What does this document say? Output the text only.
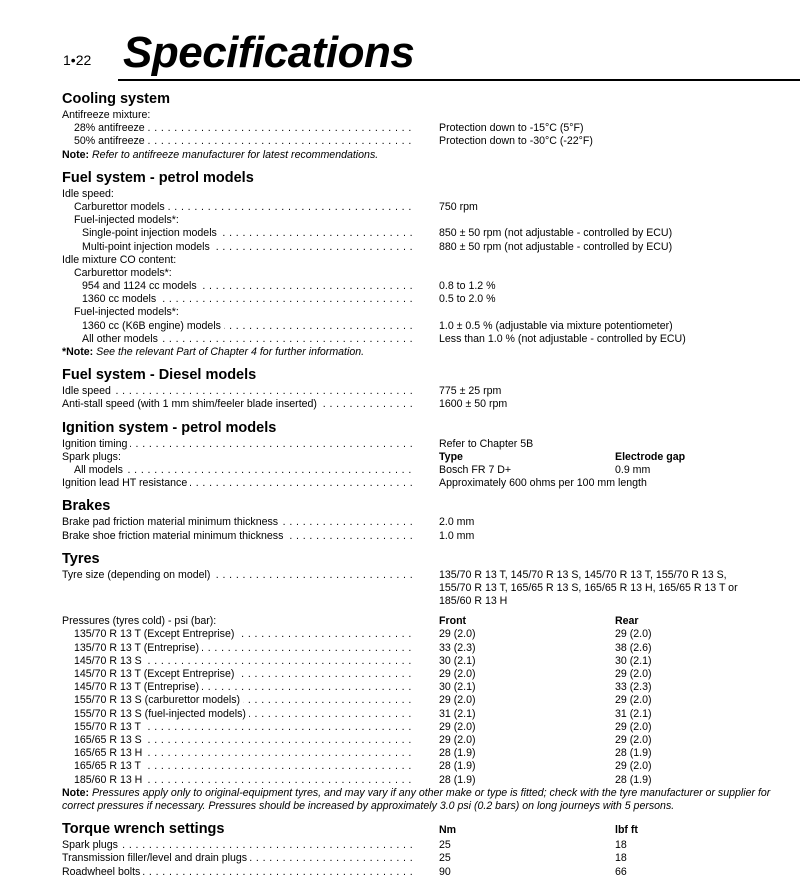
1•22 Specifications
Cooling system
Antifreeze mixture:
28% antifreeze . . .	Protection down to -15°C (5°F)
50% antifreeze . . .	Protection down to -30°C (-22°F)
Note: Refer to antifreeze manufacturer for latest recommendations.
Fuel system - petrol models
Idle speed:
Carburettor models . . .	750 rpm
Fuel-injected models*:
Single-point injection models . . .	850 ± 50 rpm (not adjustable - controlled by ECU)
Multi-point injection models . . .	880 ± 50 rpm (not adjustable - controlled by ECU)
Idle mixture CO content:
Carburettor models*:
954 and 1124 cc models . . .	0.8 to 1.2 %
1360 cc models . . .	0.5 to 2.0 %
Fuel-injected models*:
1360 cc (K6B engine) models . . .	1.0 ± 0.5 % (adjustable via mixture potentiometer)
All other models . . .	Less than 1.0 % (not adjustable - controlled by ECU)
*Note: See the relevant Part of Chapter 4 for further information.
Fuel system - Diesel models
Idle speed . . .	775 ± 25 rpm
Anti-stall speed (with 1 mm shim/feeler blade inserted) . . .	1600 ± 50 rpm
Ignition system - petrol models
Ignition timing . . .	Refer to Chapter 5B
Spark plugs:	Type	Electrode gap
All models . . .	Bosch FR 7 D+	0.9 mm
Ignition lead HT resistance . . .	Approximately 600 ohms per 100 mm length
Brakes
Brake pad friction material minimum thickness . . .	2.0 mm
Brake shoe friction material minimum thickness . . .	1.0 mm
Tyres
Tyre size (depending on model) . . .	135/70 R 13 T, 145/70 R 13 S, 145/70 R 13 T, 155/70 R 13 S,
155/70 R 13 T, 165/65 R 13 S, 165/65 R 13 H, 165/65 R 13 T or
185/60 R 13 H
Pressures (tyres cold) - psi (bar):	Front	Rear
135/70 R 13 T (Except Entreprise) . . .	29 (2.0)	29 (2.0)
135/70 R 13 T (Entreprise) . . .	33 (2.3)	38 (2.6)
145/70 R 13 S . . .	30 (2.1)	30 (2.1)
145/70 R 13 T (Except Entreprise) . . .	29 (2.0)	29 (2.0)
145/70 R 13 T (Entreprise) . . .	30 (2.1)	33 (2.3)
155/70 R 13 S (carburettor models) . . .	29 (2.0)	29 (2.0)
155/70 R 13 S (fuel-injected models) . . .	31 (2.1)	31 (2.1)
155/70 R 13 T . . .	29 (2.0)	29 (2.0)
165/65 R 13 S . . .	29 (2.0)	29 (2.0)
165/65 R 13 H . . .	28 (1.9)	28 (1.9)
165/65 R 13 T . . .	28 (1.9)	29 (2.0)
185/60 R 13 H . . .	28 (1.9)	28 (1.9)
Note: Pressures apply only to original-equipment tyres, and may vary if any other make or type is fitted; check with the tyre manufacturer or supplier for correct pressures if necessary. Pressures should be increased by approximately 3.0 psi (0.2 bars) on long journeys with 5 persons.
Torque wrench settings	Nm	lbf ft
Spark plugs . . .	25	18
Transmission filler/level and drain plugs . . .	25	18
Roadwheel bolts . . .	90	66
